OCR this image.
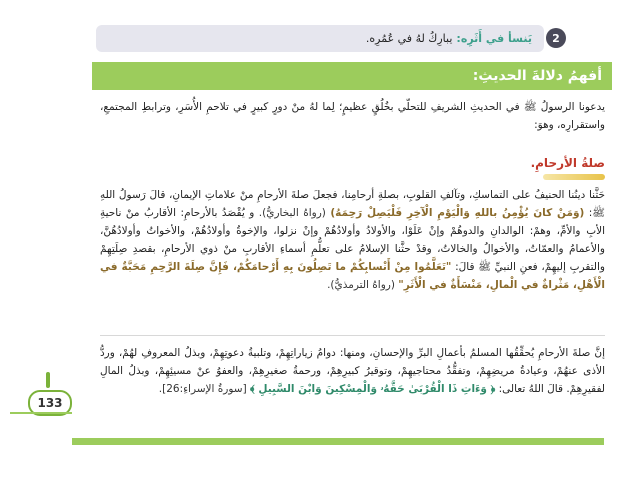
2
يَنسأ في أَثَرِه:
يبارِكُ لهُ في عُمُرِه.
أفهمُ دلالةَ الحديثِ:
يدعونا الرسولُ ﷺ في الحديثِ الشريفِ للتحلّي بخُلُقٍ عظيمٍ؛ لِما لهُ منْ دورٍ كبيرٍ في تلاحمِ الأُسَرِ، وترابطِ المجتمعِ، واستقرارِه، وهوَ:
صلةُ الأرحامِ.
حَثَّنا دينُنا الحنيفُ على التماسكِ، وتآلفِ القلوبِ، بصلةِ أرحامِنا، فجعلَ صلةَ الأرحامِ منْ علاماتِ الإيمانِ، قالَ رَسولُ اللهِ ﷺ: (وَمَنْ كانَ يُؤْمِنُ باللهِ وَالْيَوْمِ الْآخِرِ فَلْيَصِلْ رَحِمَهُ) (رواهُ البخاريُّ). و يُقْصَدُ بالأرحامِ: الأقاربُ منْ ناحيةِ الأبِ والأمِّ، وهمْ: الوالدانِ والدوهُمْ وإنْ عَلَوْا، والأولادُ وأولادُهُمْ وإنْ نزلوا، والإخوةُ وأولادُهُمْ، والأخواتُ وأولادُهُنَّ، والأعمامُ والعمّاتُ، والأخوالُ والخالاتُ، وقدْ حثَّنا الإسلامُ على تعلُّمِ أسماءِ الأقاربِ منْ ذوي الأرحامِ، بقصدِ صِلَتِهِمْ والتقربِ إليهِمْ، فعنِ النبيِّ ﷺ قالَ: "تَعَلَّمُوا مِنْ أَنْسابِكُمْ ما تَصِلُونَ بِهِ أَرْحامَكُمْ، فَإِنَّ صِلَةَ الرَّحِمِ مَحَبَّةٌ في الْأَهْلِ، مَثْراةٌ في الْمالِ، مَنْسَأَةٌ في الْأَثَرِ" (رواهُ الترمذيُّ).
إنَّ صلةَ الأرحامِ يُحقِّقُها المسلمُ بأعمالِ البرِّ والإحسانِ، ومنها: دوامُ زياراتِهِمْ، وتلبيةُ دعوتِهِمْ، وبذلُ المعروفِ لهُمْ، وردُّ الأذى عنهُمْ، وعيادةُ مريضِهِمْ، وتفقُّدُ محتاجيهِمْ، وتوقيرُ كبيرِهِمْ، ورحمةُ صغيرِهِمْ، والعفوُ عنْ مسيئِهِمْ، وبذلُ المالِ لفقيرِهِمْ. قالَ اللهُ تعالى: ﴿ وَءَاتِ ذَا الْقُرْبَىٰ حَقَّهُۥ وَالْمِسْكِينَ وَابْنَ السَّبِيلِ ﴾ [سورةُ الإسراءِ:26].
133
